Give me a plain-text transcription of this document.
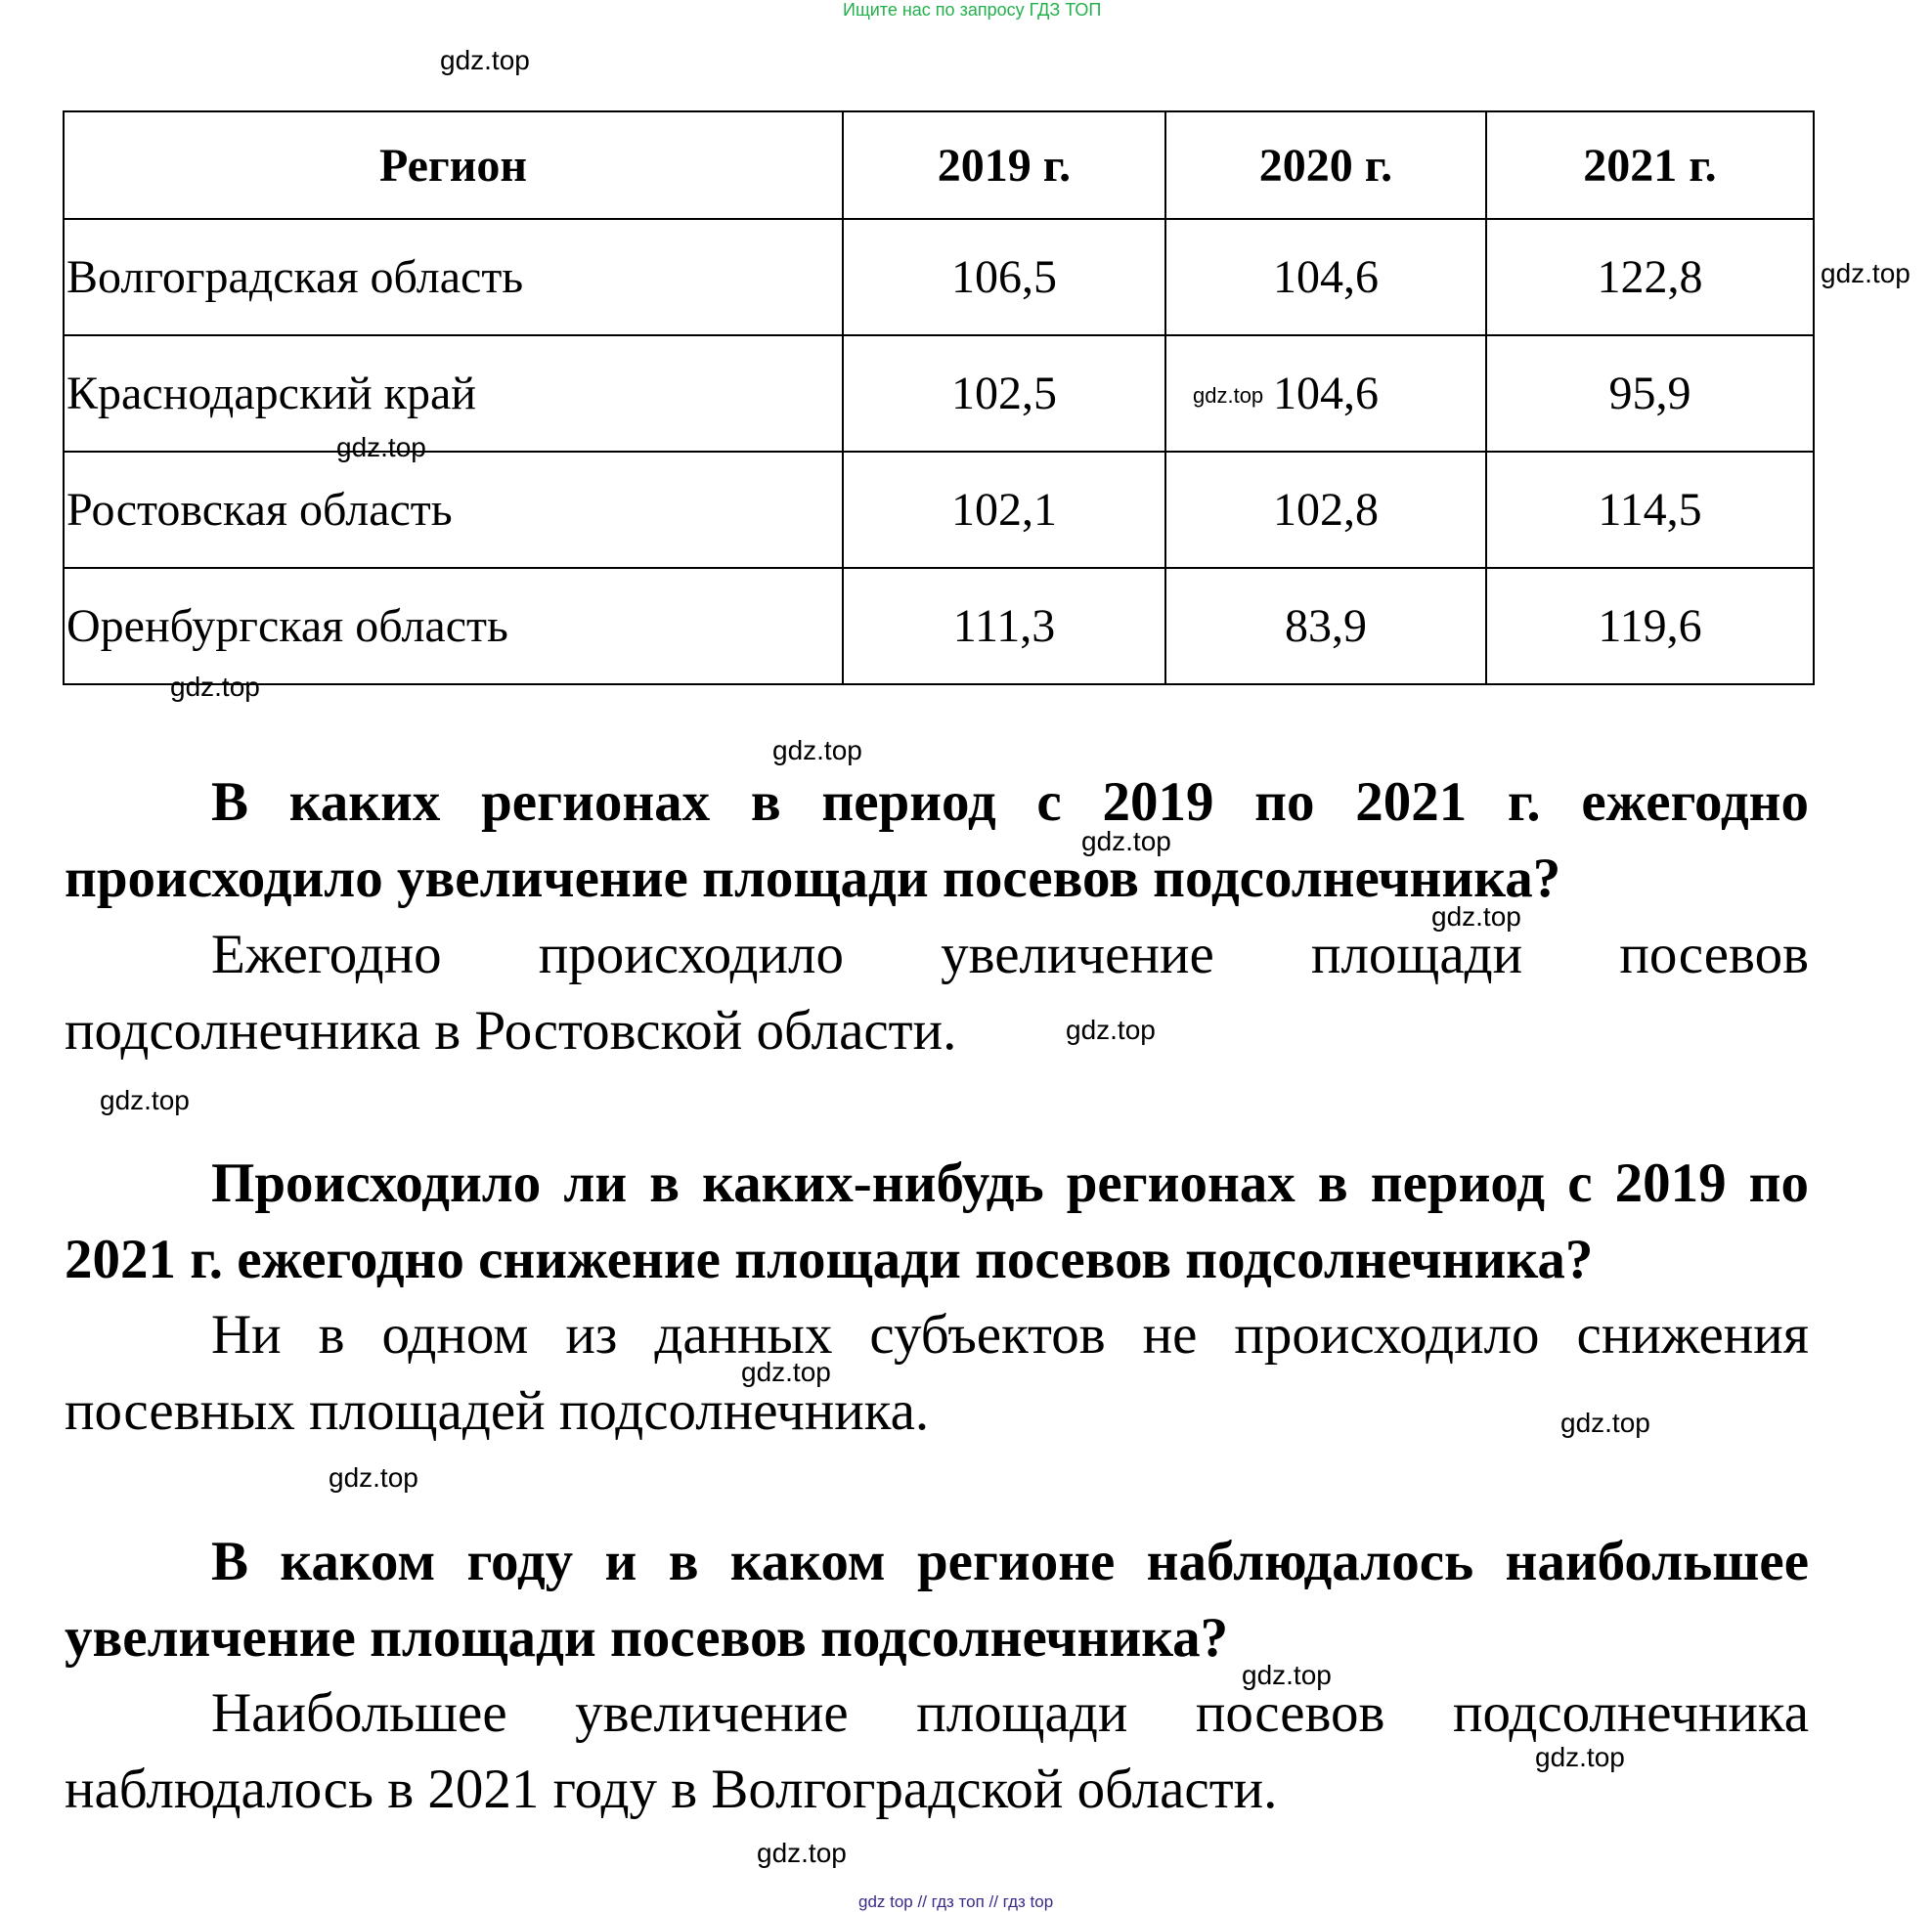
Ищите нас по запросу ГДЗ ТОП
gdz.top
Регион	2019 г.	2020 г.	2021 г.
Волгоградская область	106,5	104,6	122,8
Краснодарский край	102,5	104,6	95,9
Ростовская область	102,1	102,8	114,5
Оренбургская область	111,3	83,9	119,6
gdz.top
gdz.top
gdz.top
gdz.top
gdz.top
В каких регионах в период с 2019 по 2021 г. ежегодно происходило увеличение площади посевов подсолнечника?
gdz.top
gdz.top
Ежегодно происходило увеличение площади посевов подсолнечника в Ростовской области.	gdz.top
gdz.top
Происходило ли в каких-нибудь регионах в период с 2019 по 2021 г. ежегодно снижение площади посевов подсолнечника?
Ни в одном из данных субъектов не происходило снижения посевных площадей подсолнечника.
gdz.top
gdz.top
gdz.top
В каком году и в каком регионе наблюдалось наибольшее увеличение площади посевов подсолнечника?
gdz.top
Наибольшее увеличение площади посевов подсолнечника наблюдалось в 2021 году в Волгоградской области.
gdz.top
gdz.top
gdz top // гдз топ // гдз top
